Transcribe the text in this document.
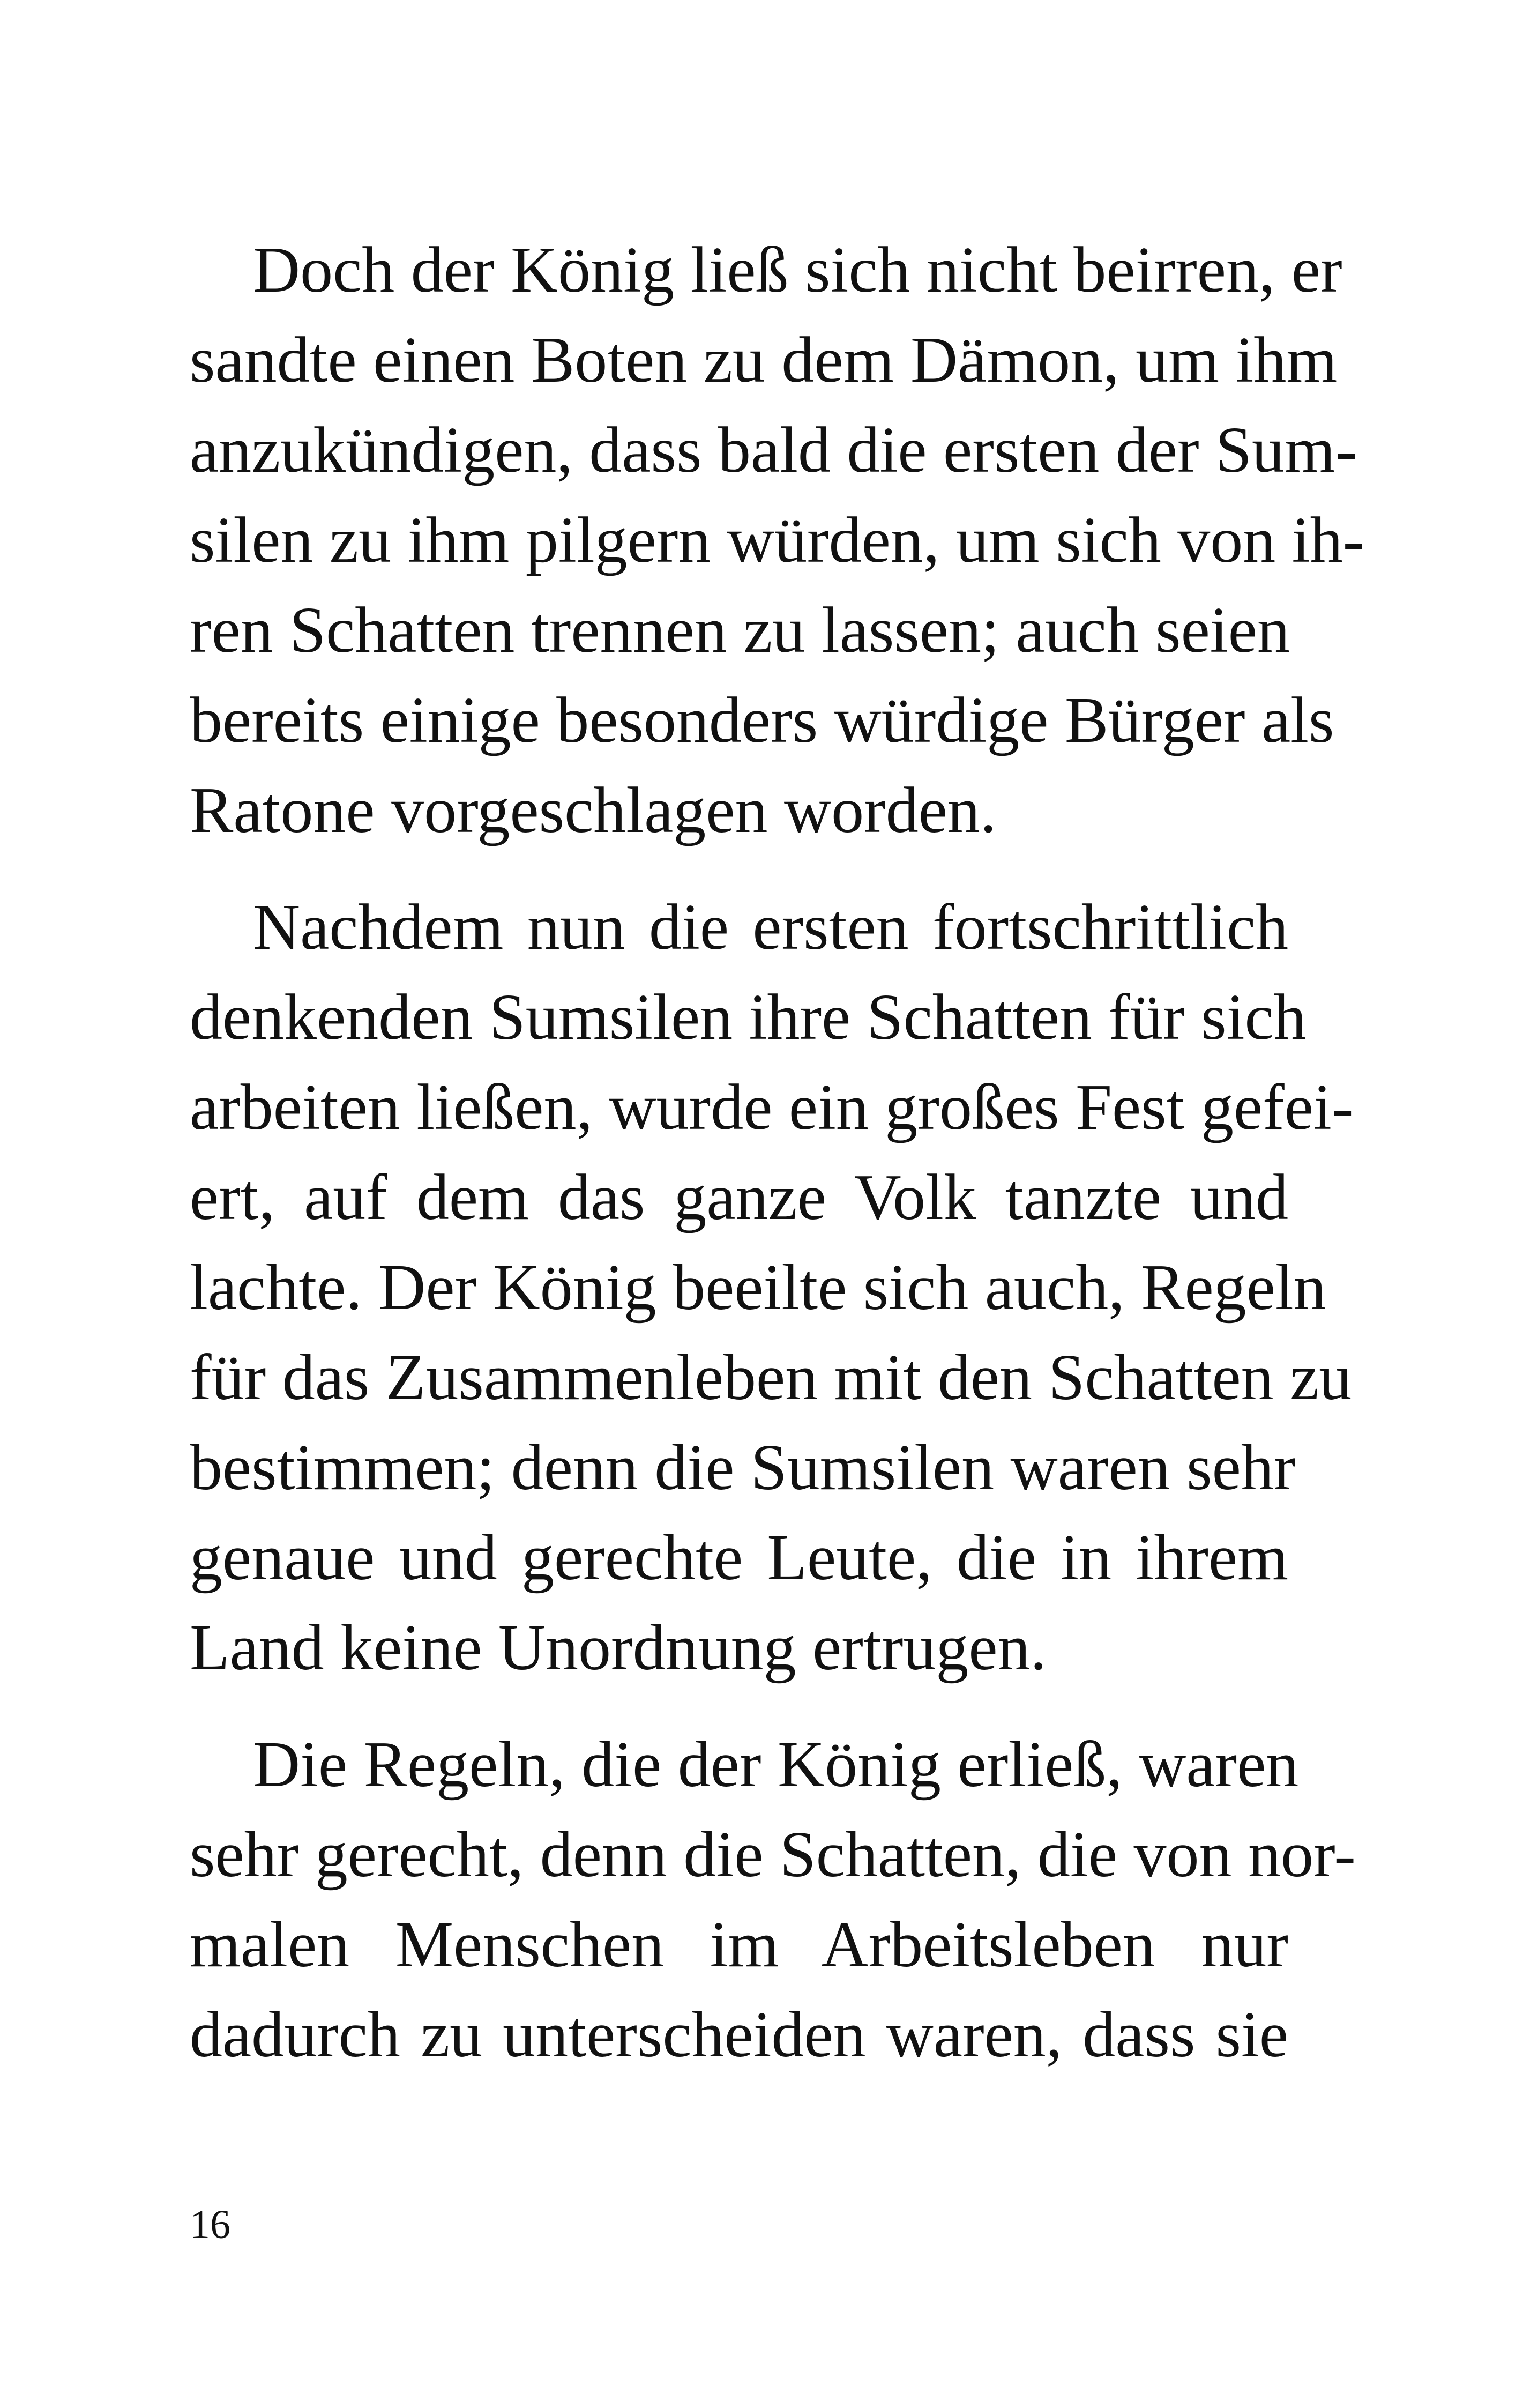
Doch der König ließ sich nicht beirren, er
sandte einen Boten zu dem Dämon, um ihm
anzukündigen, dass bald die ersten der Sum-
silen zu ihm pilgern würden, um sich von ih-
ren Schatten trennen zu lassen; auch seien
bereits einige besonders würdige Bürger als
Ratone vorgeschlagen worden.
Nachdem nun die ersten fortschrittlich
denkenden Sumsilen ihre Schatten für sich
arbeiten ließen, wurde ein großes Fest gefei-
ert, auf dem das ganze Volk tanzte und
lachte. Der König beeilte sich auch, Regeln
für das Zusammenleben mit den Schatten zu
bestimmen; denn die Sumsilen waren sehr
genaue und gerechte Leute, die in ihrem
Land keine Unordnung ertrugen.
Die Regeln, die der König erließ, waren
sehr gerecht, denn die Schatten, die von nor-
malen Menschen im Arbeitsleben nur
dadurch zu unterscheiden waren, dass sie
16
